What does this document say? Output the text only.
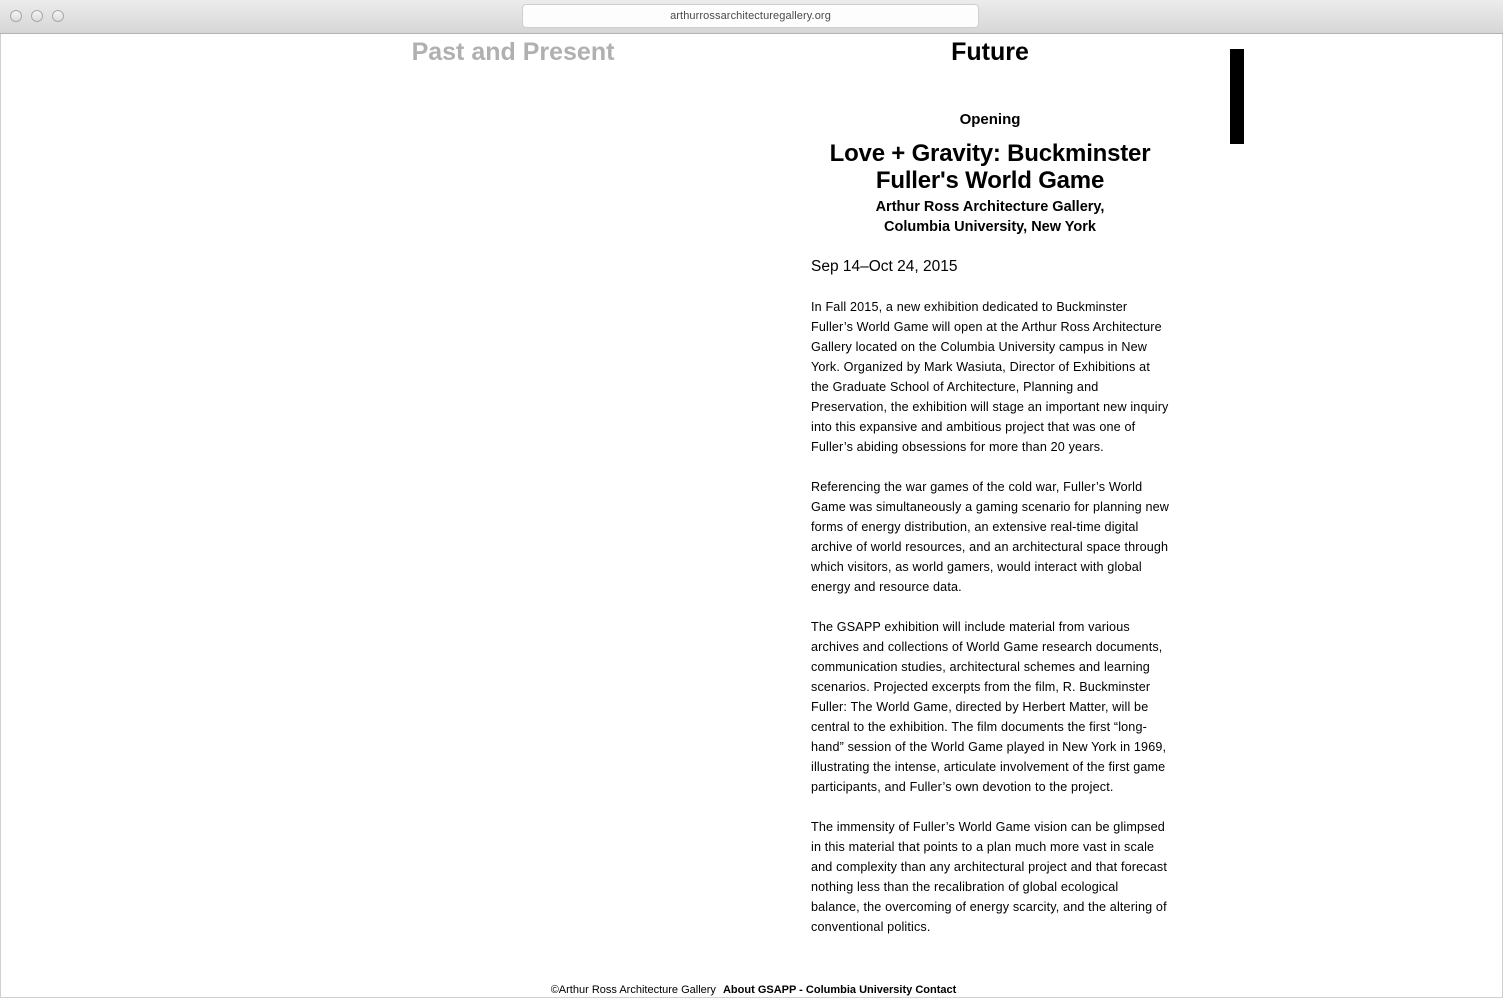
arthurrossarchitecturegallery.org
Past and Present	Future

Opening

Love + Gravity: Buckminster
Fuller's World Game

Arthur Ross Architecture Gallery,
Columbia University, New York

Sep 14–Oct 24, 2015

In Fall 2015, a new exhibition dedicated to Buckminster Fuller’s World Game will open at the Arthur Ross Architecture Gallery located on the Columbia University campus in New York. Organized by Mark Wasiuta, Director of Exhibitions at the Graduate School of Architecture, Planning and Preservation, the exhibition will stage an important new inquiry into this expansive and ambitious project that was one of Fuller’s abiding obsessions for more than 20 years.

Referencing the war games of the cold war, Fuller’s World Game was simultaneously a gaming scenario for planning new forms of energy distribution, an extensive real-time digital archive of world resources, and an architectural space through which visitors, as world gamers, would interact with global energy and resource data.

The GSAPP exhibition will include material from various archives and collections of World Game research documents, communication studies, architectural schemes and learning scenarios. Projected excerpts from the film, R. Buckminster Fuller: The World Game, directed by Herbert Matter, will be central to the exhibition. The film documents the first “long-hand” session of the World Game played in New York in 1969, illustrating the intense, articulate involvement of the first game participants, and Fuller’s own devotion to the project.

The immensity of Fuller’s World Game vision can be glimpsed in this material that points to a plan much more vast in scale and complexity than any architectural project and that forecast nothing less than the recalibration of global ecological balance, the overcoming of energy scarcity, and the altering of conventional politics.

©Arthur Ross Architecture Gallery About GSAPP - Columbia University Contact
